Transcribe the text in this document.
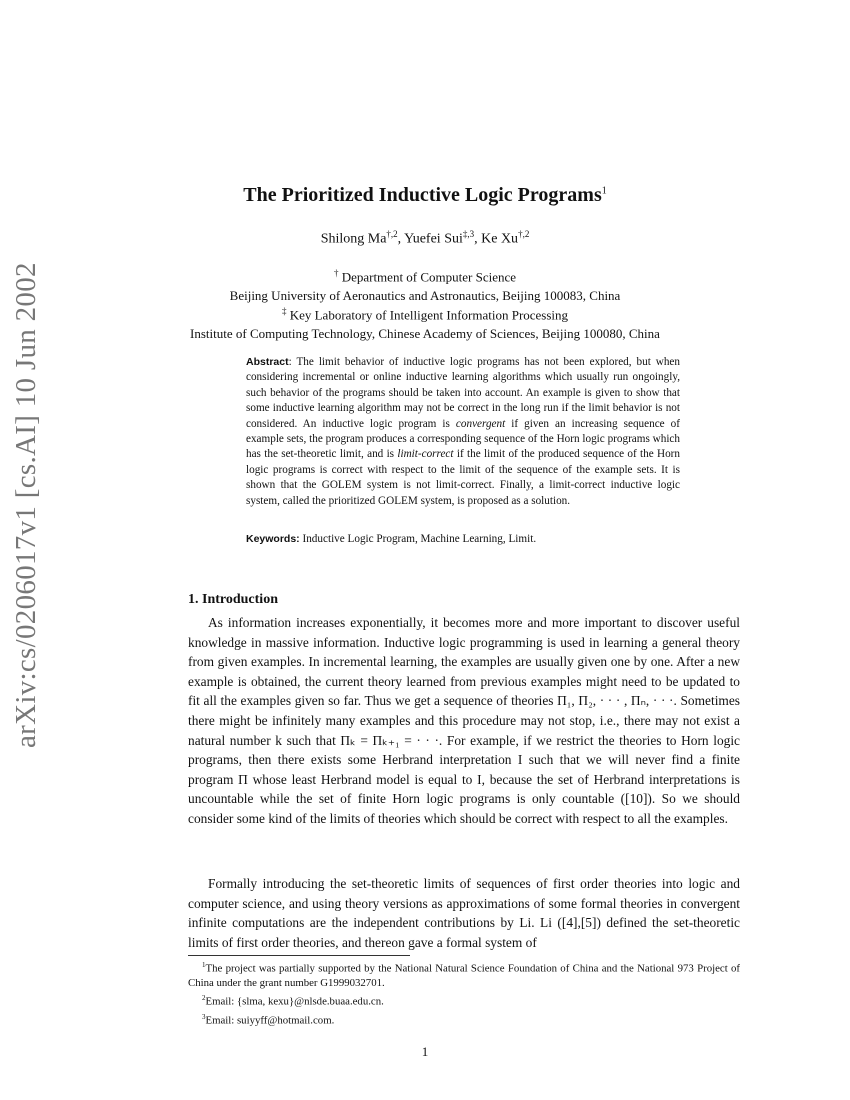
arXiv:cs/0206017v1 [cs.AI] 10 Jun 2002
The Prioritized Inductive Logic Programs$^1$
Shilong $Ma^{\dagger,2}$, Yuefei Sui$^{\ddagger,3}$, Ke $Xu^{\dagger,2}$
† Department of Computer Science
Beijing University of Aeronautics and Astronautics, Beijing 100083, China
‡ Key Laboratory of Intelligent Information Processing
Institute of Computing Technology, Chinese Academy of Sciences, Beijing 100080, China
Abstract: The limit behavior of inductive logic programs has not been explored, but when considering incremental or online inductive learning algorithms which usually run ongoingly, such behavior of the programs should be taken into account. An example is given to show that some inductive learning algorithm may not be correct in the long run if the limit behavior is not considered. An inductive logic program is convergent if given an increasing sequence of example sets, the program produces a corresponding sequence of the Horn logic programs which has the set-theoretic limit, and is limit-correct if the limit of the produced sequence of the Horn logic programs is correct with respect to the limit of the sequence of the example sets. It is shown that the GOLEM system is not limit-correct. Finally, a limit-correct inductive logic system, called the prioritized GOLEM system, is proposed as a solution.
Keywords: Inductive Logic Program, Machine Learning, Limit.
1. Introduction

As information increases exponentially, it becomes more and more important to discover useful knowledge in massive information. Inductive logic programming is used in learning a general theory from given examples. In incremental learning, the examples are usually given one by one. After a new example is obtained, the current theory learned from previous examples might need to be updated to fit all the examples given so far. Thus we get a sequence of theories Π₁, Π₂, · · · , Πₙ, · · ·. Sometimes there might be infinitely many examples and this procedure may not stop, i.e., there may not exist a natural number k such that Πₖ = Πₖ₊₁ = · · ·. For example, if we restrict the theories to Horn logic programs, then there exists some Herbrand interpretation I such that we will never find a finite program Π whose least Herbrand model is equal to I, because the set of Herbrand interpretations is uncountable while the set of finite Horn logic programs is only countable ([10]). So we should consider some kind of the limits of theories which should be correct with respect to all the examples.

Formally introducing the set-theoretic limits of sequences of first order theories into logic and computer science, and using theory versions as approximations of some formal theories in convergent infinite computations are the independent contributions by Li. Li ([4],[5]) defined the set-theoretic limits of first order theories, and thereon gave a formal system of

$^1$The project was partially supported by the National Natural Science Foundation of China and the National 973 Project of China under the grant number G1999032701.
$^2$Email: {slma, kexu}@nlsde.buaa.edu.cn.
$^3$Email: suiyyff@hotmail.com.
1
